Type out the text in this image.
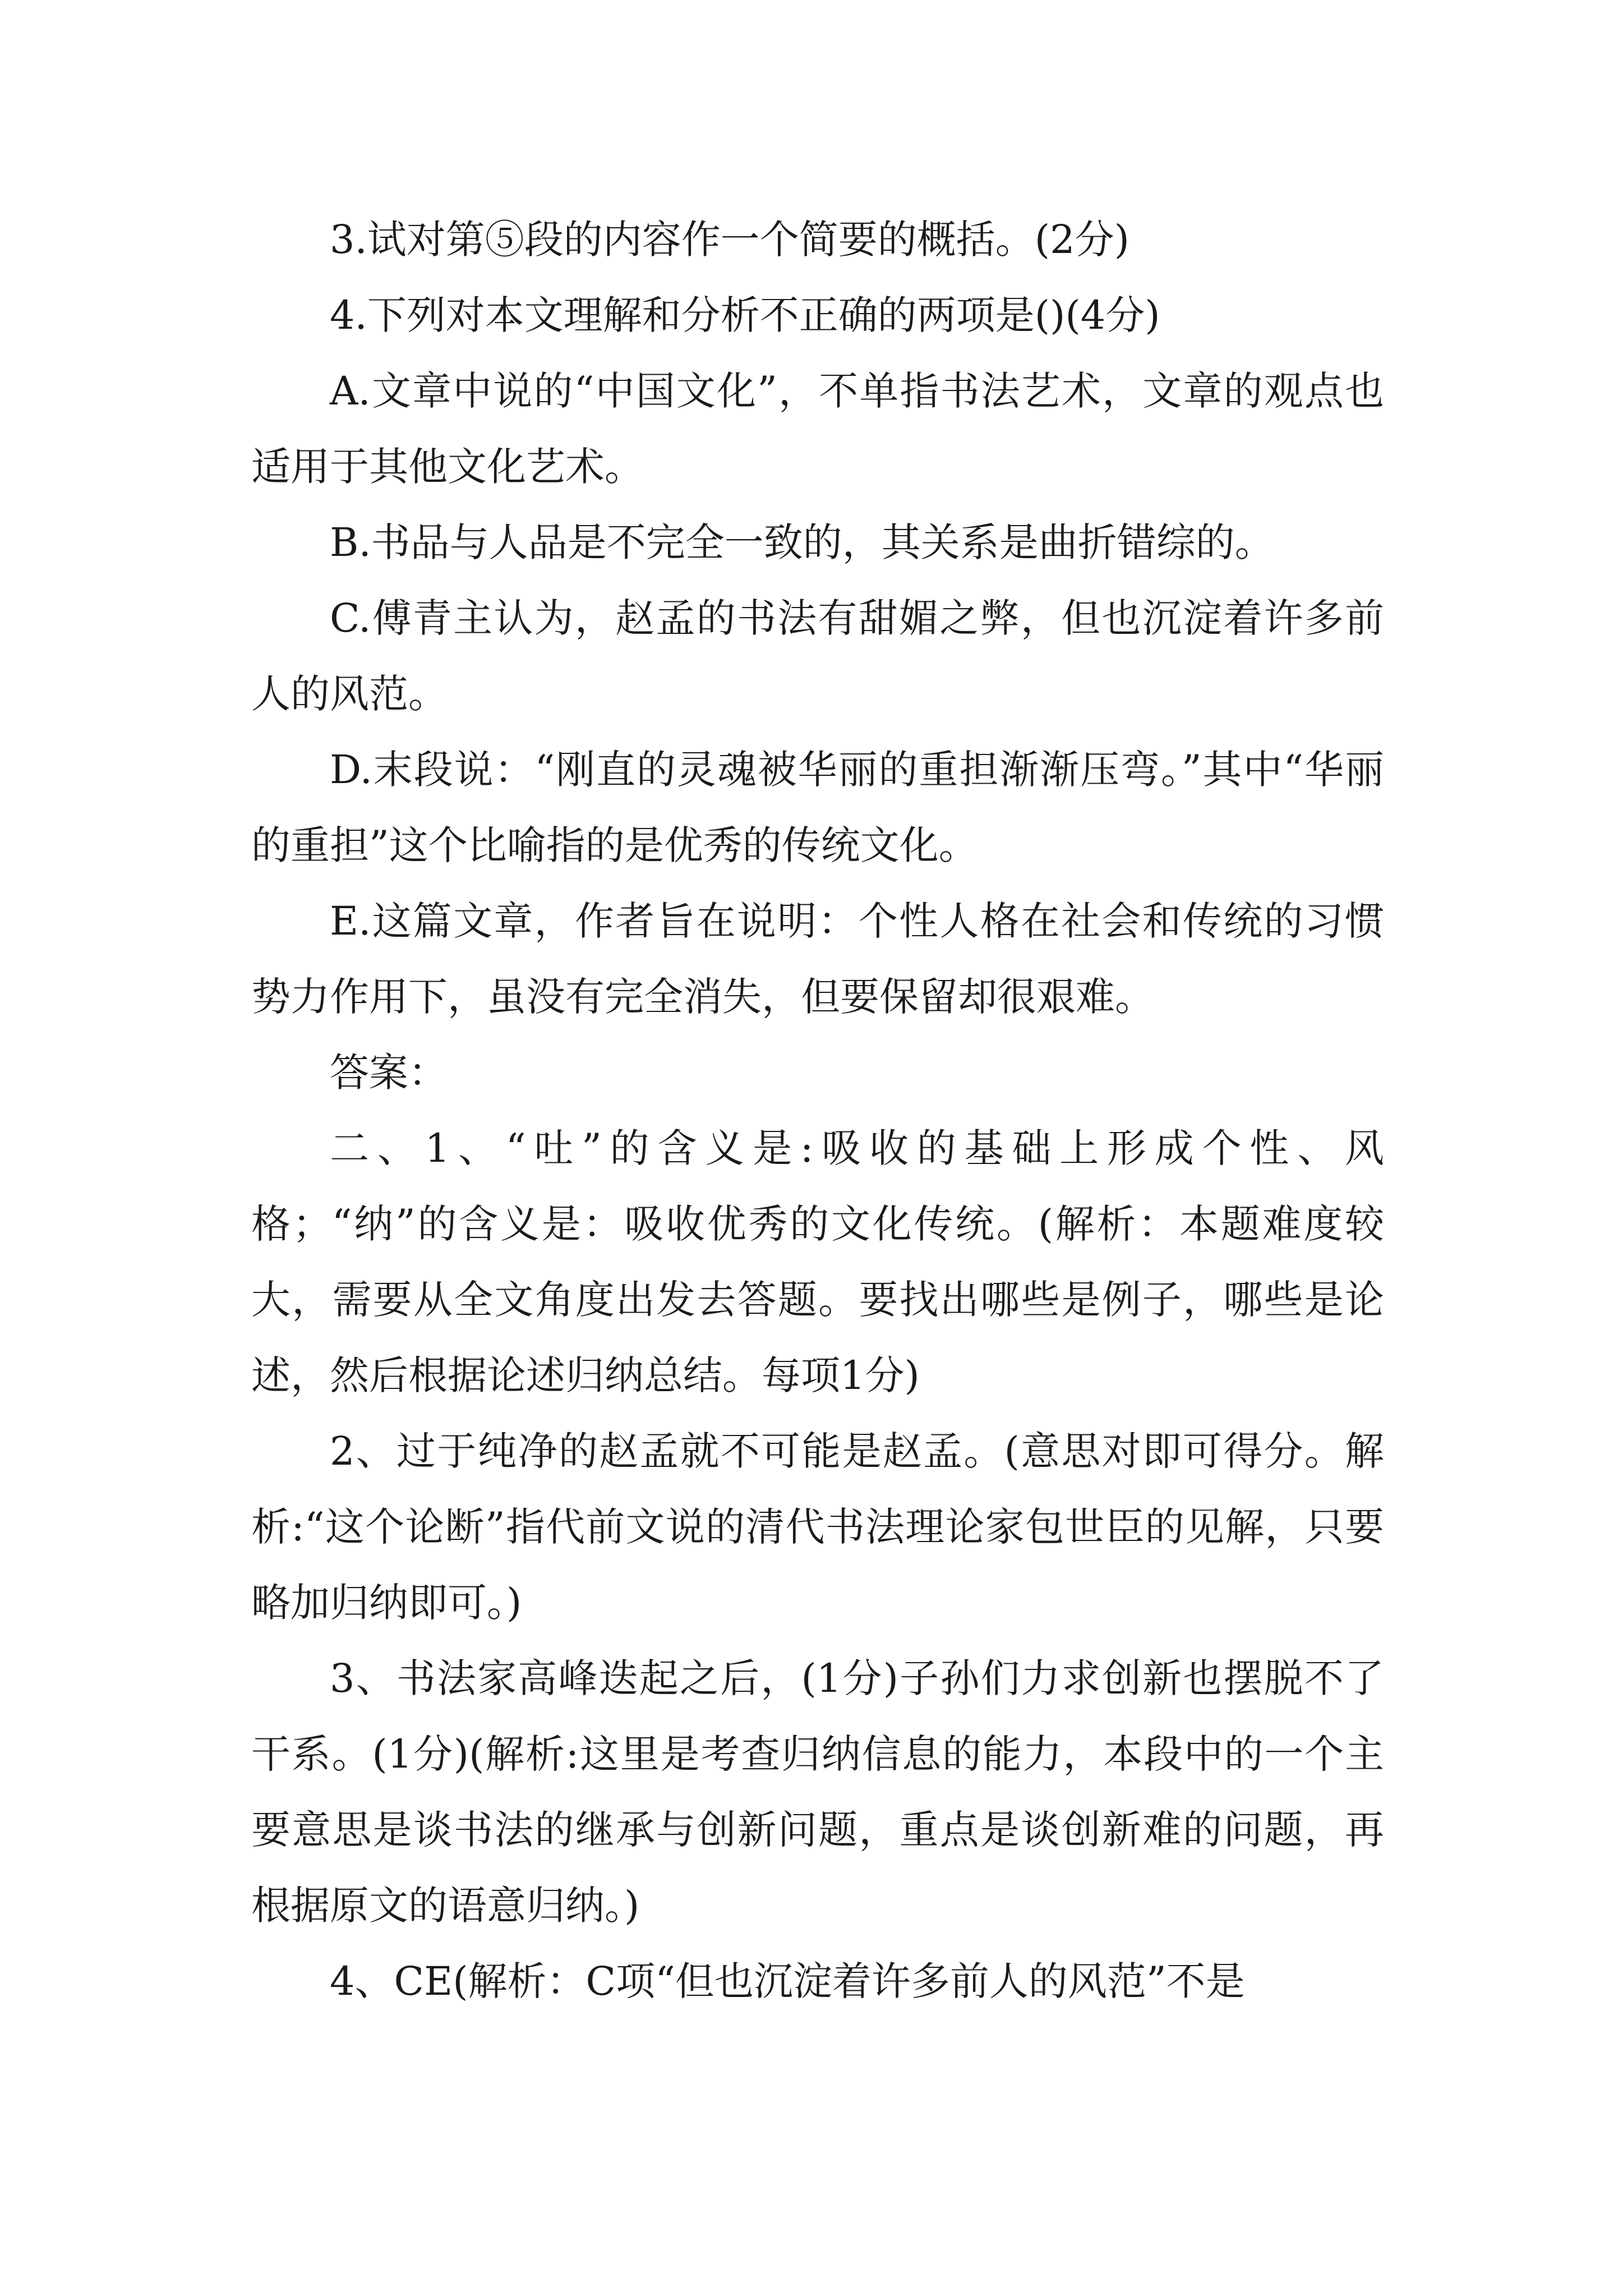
3.试对第⑤段的内容作一个简要的概括。(2分)

4.下列对本文理解和分析不正确的两项是()(4分)

A.文章中说的“中国文化”，不单指书法艺术，文章的观点也适用于其他文化艺术。

B.书品与人品是不完全一致的，其关系是曲折错综的。

C.傅青主认为，赵孟的书法有甜媚之弊，但也沉淀着许多前人的风范。

D.末段说：“刚直的灵魂被华丽的重担渐渐压弯。”其中“华丽的重担”这个比喻指的是优秀的传统文化。

E.这篇文章，作者旨在说明：个性人格在社会和传统的习惯势力作用下，虽没有完全消失，但要保留却很艰难。

答案：

二、1、“吐”的含义是:吸收的基础上形成个性、风格；“纳”的含义是：吸收优秀的文化传统。(解析：本题难度较大，需要从全文角度出发去答题。要找出哪些是例子，哪些是论述，然后根据论述归纳总结。每项1分)

2、过于纯净的赵孟就不可能是赵孟。(意思对即可得分。解析:“这个论断”指代前文说的清代书法理论家包世臣的见解，只要略加归纳即可。)

3、书法家高峰迭起之后，(1分)子孙们力求创新也摆脱不了干系。(1分)(解析:这里是考查归纳信息的能力，本段中的一个主要意思是谈书法的继承与创新问题，重点是谈创新难的问题，再根据原文的语意归纳。)

4、CE(解析：C项“但也沉淀着许多前人的风范”不是
